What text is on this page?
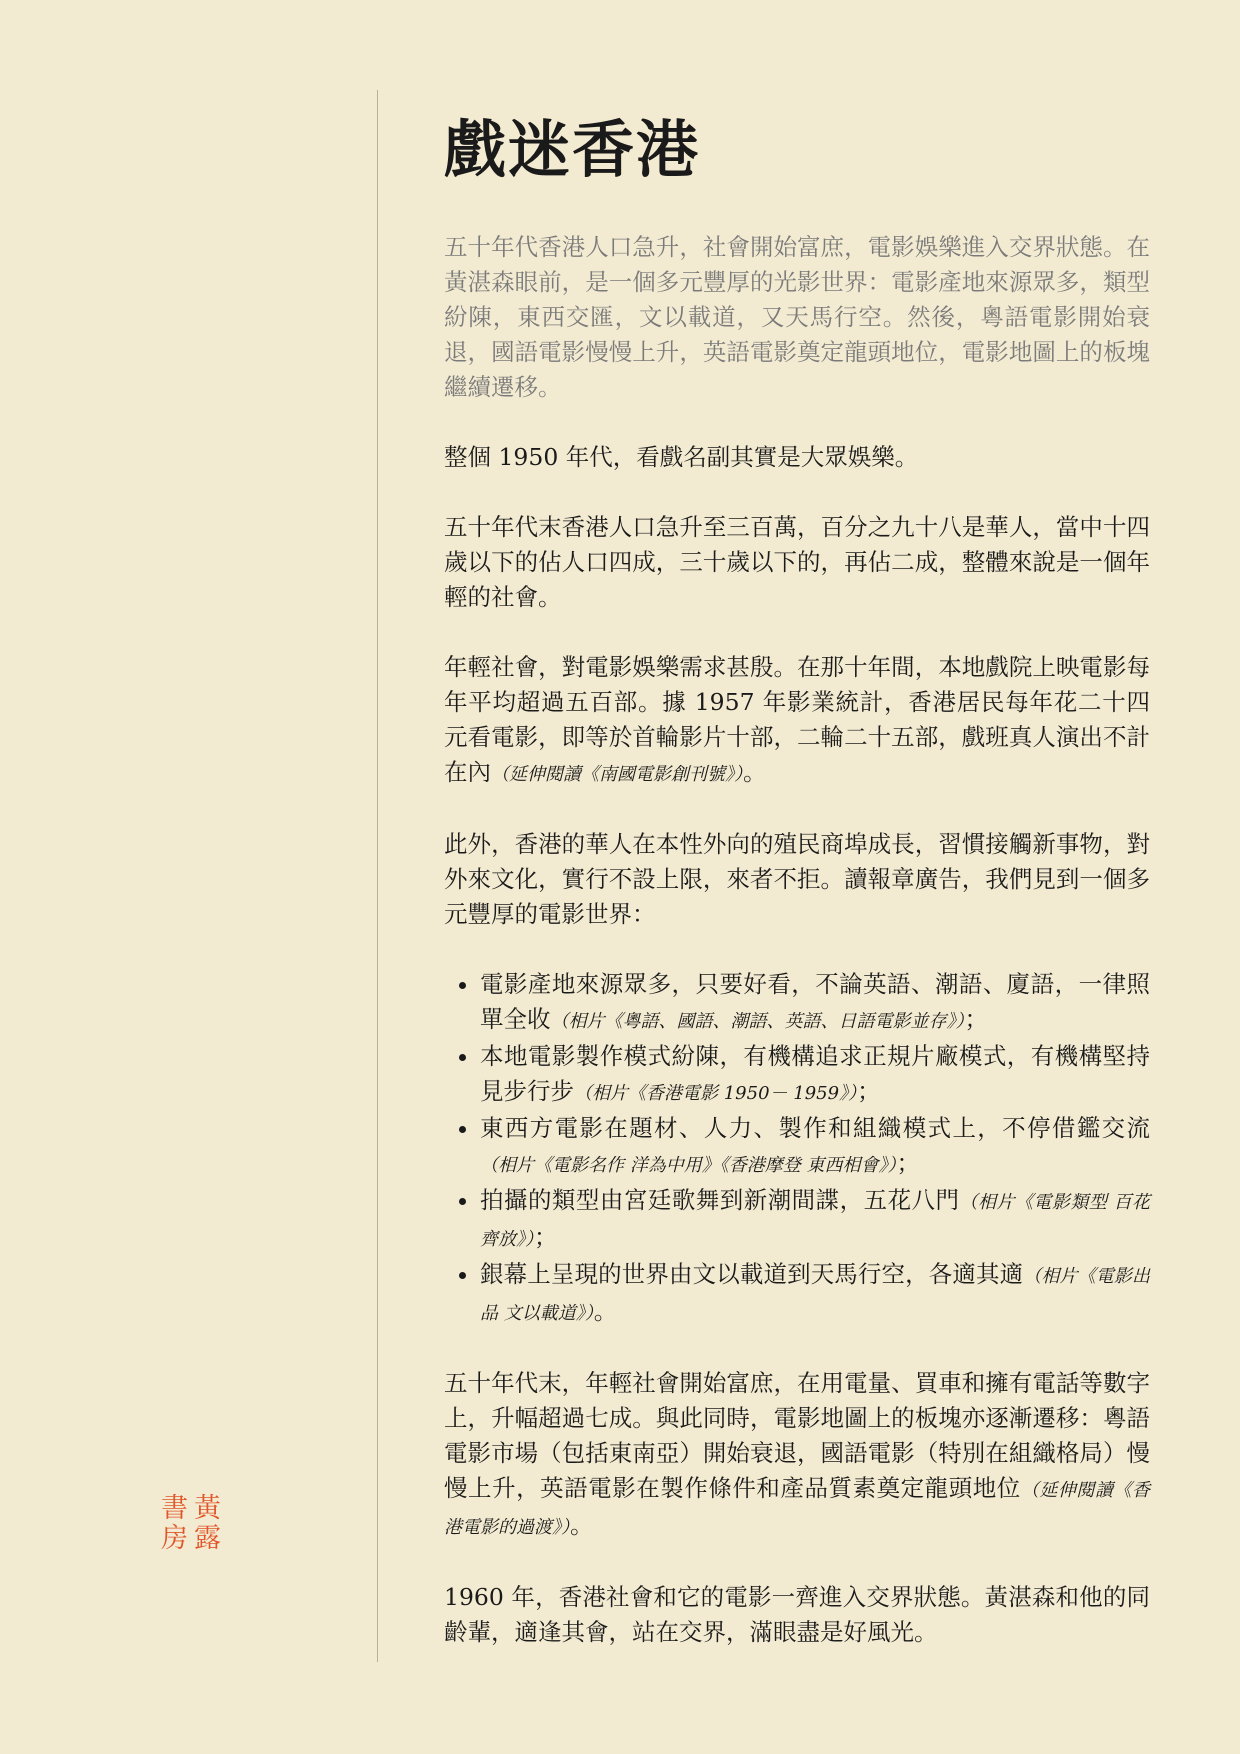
書 黃
房 露
戲迷香港

五十年代香港人口急升，社會開始富庶，電影娛樂進入交界狀態。在黃湛森眼前，是一個多元豐厚的光影世界：電影產地來源眾多，類型紛陳，東西交匯，文以載道，又天馬行空。然後，粵語電影開始衰退，國語電影慢慢上升，英語電影奠定龍頭地位，電影地圖上的板塊繼續遷移。

整個 1950 年代，看戲名副其實是大眾娛樂。

五十年代末香港人口急升至三百萬，百分之九十八是華人，當中十四歲以下的佔人口四成，三十歲以下的，再佔二成，整體來說是一個年輕的社會。

年輕社會，對電影娛樂需求甚殷。在那十年間，本地戲院上映電影每年平均超過五百部。據 1957 年影業統計，香港居民每年花二十四元看電影，即等於首輪影片十部，二輪二十五部，戲班真人演出不計在內（延伸閱讀《南國電影創刊號》）。

此外，香港的華人在本性外向的殖民商埠成長，習慣接觸新事物，對外來文化，實行不設上限，來者不拒。讀報章廣告，我們見到一個多元豐厚的電影世界：

• 電影產地來源眾多，只要好看，不論英語、潮語、廈語，一律照單全收（相片《粵語、國語、潮語、英語、日語電影並存》）；
• 本地電影製作模式紛陳，有機構追求正規片廠模式，有機構堅持見步行步（相片《香港電影 1950－ 1959》）；
• 東西方電影在題材、人力、製作和組織模式上，不停借鑑交流（相片《電影名作 洋為中用》《香港摩登 東西相會》）；
• 拍攝的類型由宮廷歌舞到新潮間諜，五花八門（相片《電影類型 百花齊放》）；
• 銀幕上呈現的世界由文以載道到天馬行空，各適其適（相片《電影出品 文以載道》）。

五十年代末，年輕社會開始富庶，在用電量、買車和擁有電話等數字上，升幅超過七成。與此同時，電影地圖上的板塊亦逐漸遷移：粵語電影市場（包括東南亞）開始衰退，國語電影（特別在組織格局）慢慢上升，英語電影在製作條件和產品質素奠定龍頭地位（延伸閱讀《香港電影的過渡》）。

1960 年，香港社會和它的電影一齊進入交界狀態。黃湛森和他的同齡輩，適逢其會，站在交界，滿眼盡是好風光。
